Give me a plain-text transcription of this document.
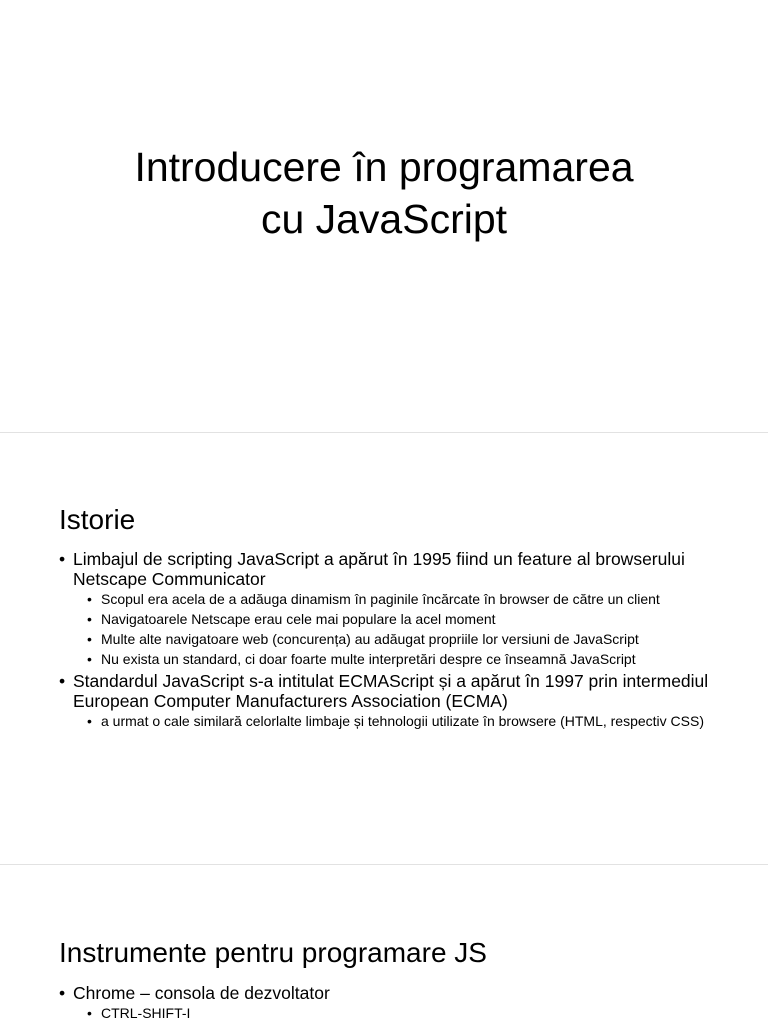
Introducere în programarea
cu JavaScript
Istorie
• Limbajul de scripting JavaScript a apărut în 1995 fiind un feature al browserului Netscape Communicator
• Scopul era acela de a adăuga dinamism în paginile încărcate în browser de către un client
• Navigatoarele Netscape erau cele mai populare la acel moment
• Multe alte navigatoare web (concurența) au adăugat propriile lor versiuni de JavaScript
• Nu exista un standard, ci doar foarte multe interpretări despre ce înseamnă JavaScript
• Standardul JavaScript s-a intitulat ECMAScript și a apărut în 1997 prin intermediul European Computer Manufacturers Association (ECMA)
• a urmat o cale similară celorlalte limbaje și tehnologii utilizate în browsere (HTML, respectiv CSS)
Instrumente pentru programare JS
• Chrome – consola de dezvoltator
• CTRL-SHIFT-I
